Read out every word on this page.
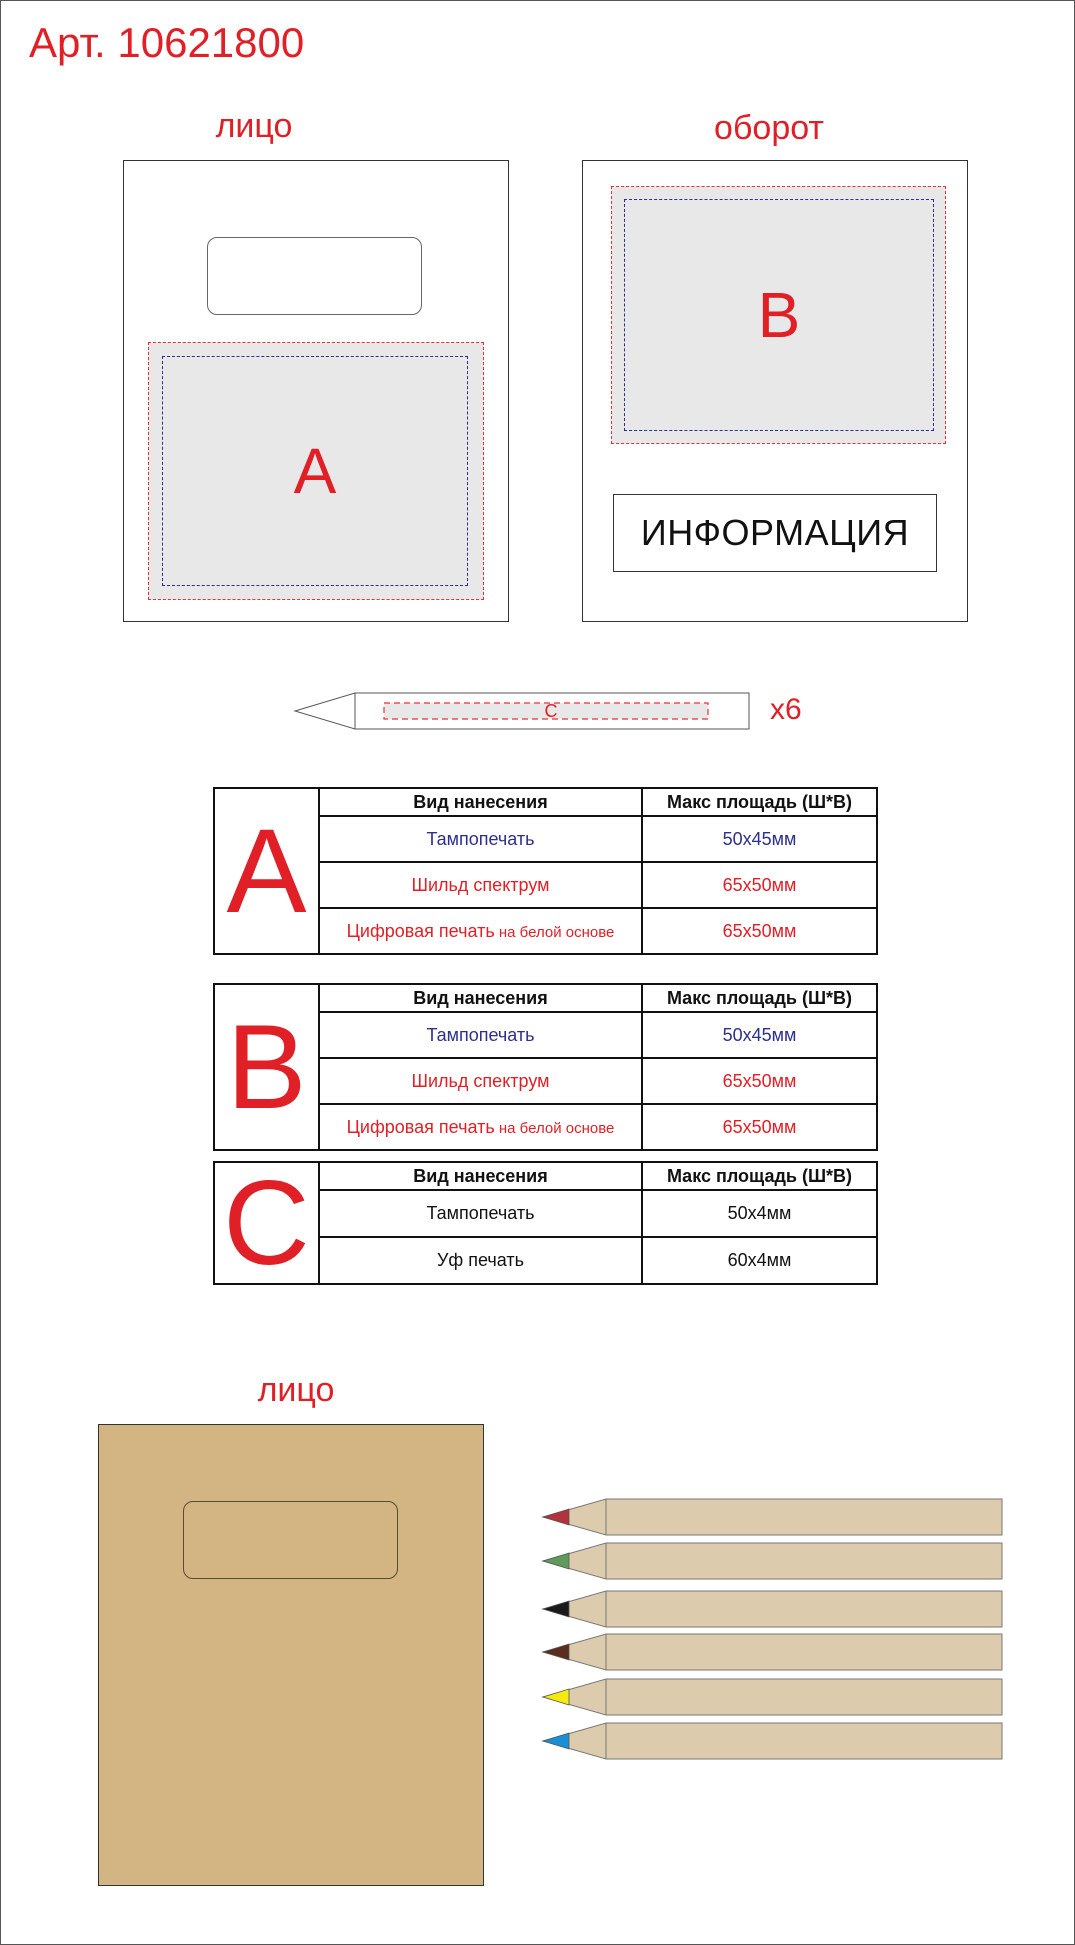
Арт. 10621800
лицо
A
оборот
B
ИНФОРМАЦИЯ
C	x6
A	Вид нанесения	Макс площадь (Ш*В)
	Тампопечать	50x45мм
	Шильд спектрум	65x50мм
	Цифровая печать на белой основе	65x50мм
B	Вид нанесения	Макс площадь (Ш*В)
	Тампопечать	50x45мм
	Шильд спектрум	65x50мм
	Цифровая печать на белой основе	65x50мм
C	Вид нанесения	Макс площадь (Ш*В)
	Тампопечать	50x4мм
	Уф печать	60x4мм
лицо
